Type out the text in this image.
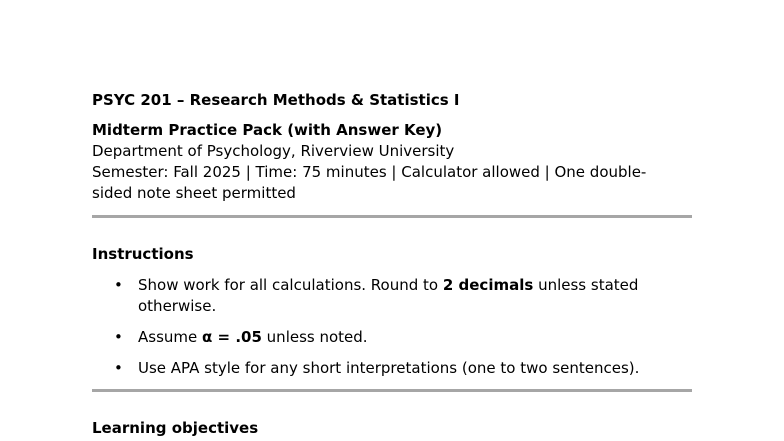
PSYC 201 – Research Methods & Statistics I

Midterm Practice Pack (with Answer Key)

Department of Psychology, Riverview University

Semester: Fall 2025 | Time: 75 minutes | Calculator allowed | One double-sided note sheet permitted

Instructions

• Show work for all calculations. Round to 2 decimals unless stated otherwise.
• Assume α = .05 unless noted.
• Use APA style for any short interpretations (one to two sentences).

Learning objectives
